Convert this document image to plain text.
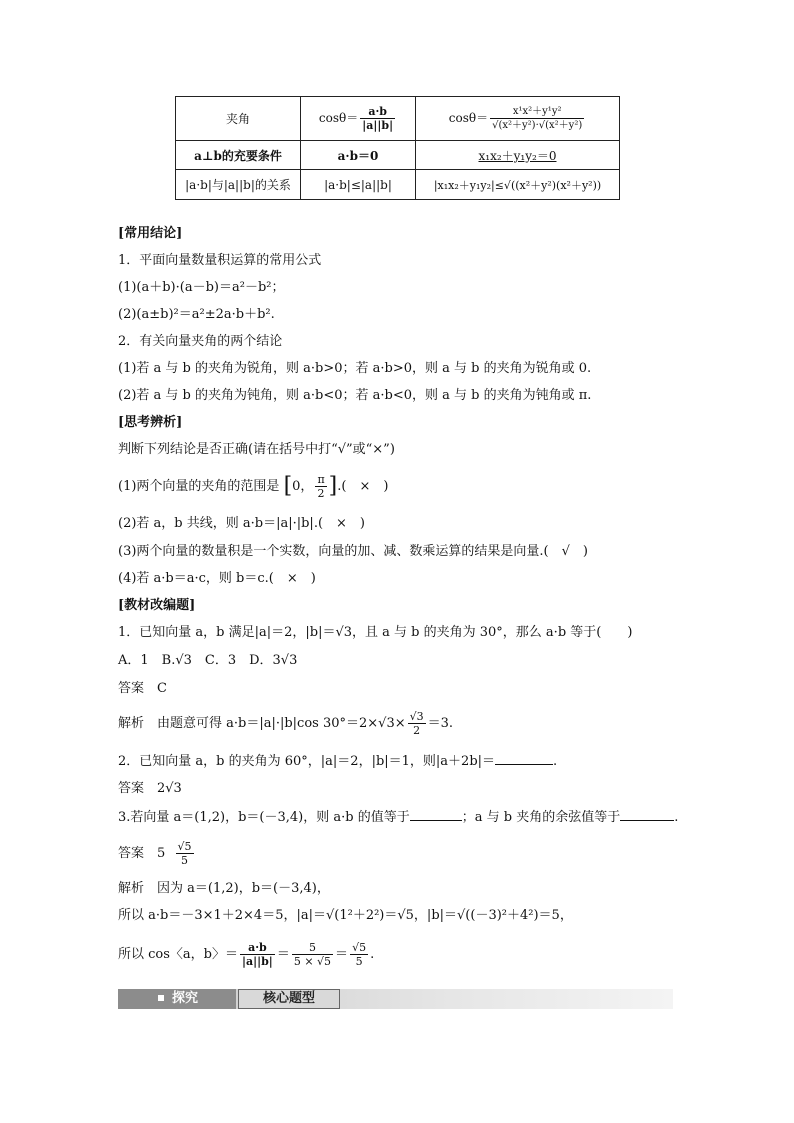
夹角	$\cos\theta= \frac{a\cdot b}{|a||b|}$	$\cos\theta= \frac{\text{x¹x²＋y¹y²}}{\text{√(x²＋y²)·√(x²＋y²)}}$

a⊥b的充要条件	a·b＝0	x₁x₂＋y₁y₂＝0
|a·b|与|a||b|的关系	|a·b|≤|a||b|	|x₁x₂＋y₁y₂|≤√((x²＋y²)(x²＋y²))
[常用结论]
1．平面向量数量积运算的常用公式
(1)(a＋b)·(a－b)＝a²－b²；
(2)(a±b)²＝a²±2a·b＋b².
2．有关向量夹角的两个结论
(1)若 a 与 b 的夹角为锐角，则 a·b>0；若 a·b>0，则 a 与 b 的夹角为锐角或 0.
(2)若 a 与 b 的夹角为钝角，则 a·b<0；若 a·b<0，则 a 与 b 的夹角为钝角或 π.
[思考辨析]
判断下列结论是否正确(请在括号中打“√”或“×”)
(1)两个向量的夹角的范围是 [0， $\frac{\pi}{2}$ ].(　×　)
(2)若 a，b 共线，则 a·b＝|a|·|b|.(　×　)
(3)两个向量的数量积是一个实数，向量的加、减、数乘运算的结果是向量.(　√　)
(4)若 a·b＝a·c，则 b＝c.(　×　)
[教材改编题]
1．已知向量 a，b 满足|a|＝2，|b|＝√3，且 a 与 b 的夹角为 30°，那么 a·b 等于(　　)
A．1　B.√3　C．3　D．3√3
答案　C
解析　由题意可得 a·b＝|a|·|b|cos $30^\circ=2\times√3\times \frac{√3}{2} =3$.
2．已知向量 a，b 的夹角为 60°，|a|＝2，|b|＝1，则|a＋2b|＝	.
答案　2√3
3.若向量 a＝(1,2)，b＝(－3,4)，则 a·b 的值等于	；a 与 b 夹角的余弦值等于	.
答案　$5 \frac{√5}{5}$
解析　因为 a＝(1,2)，b＝(－3,4)，
所以 a·b＝－3×1＋2×4＝5，|a|＝√(1²＋2²)＝√5，|b|＝√((－3)²＋4²)＝5，
所以 cos〈a，b〉＝ $\frac{a\cdot b}{|a||b|} = \frac{5}{5 \times √5} = \frac{√5}{5}$ .
探究	核心题型
